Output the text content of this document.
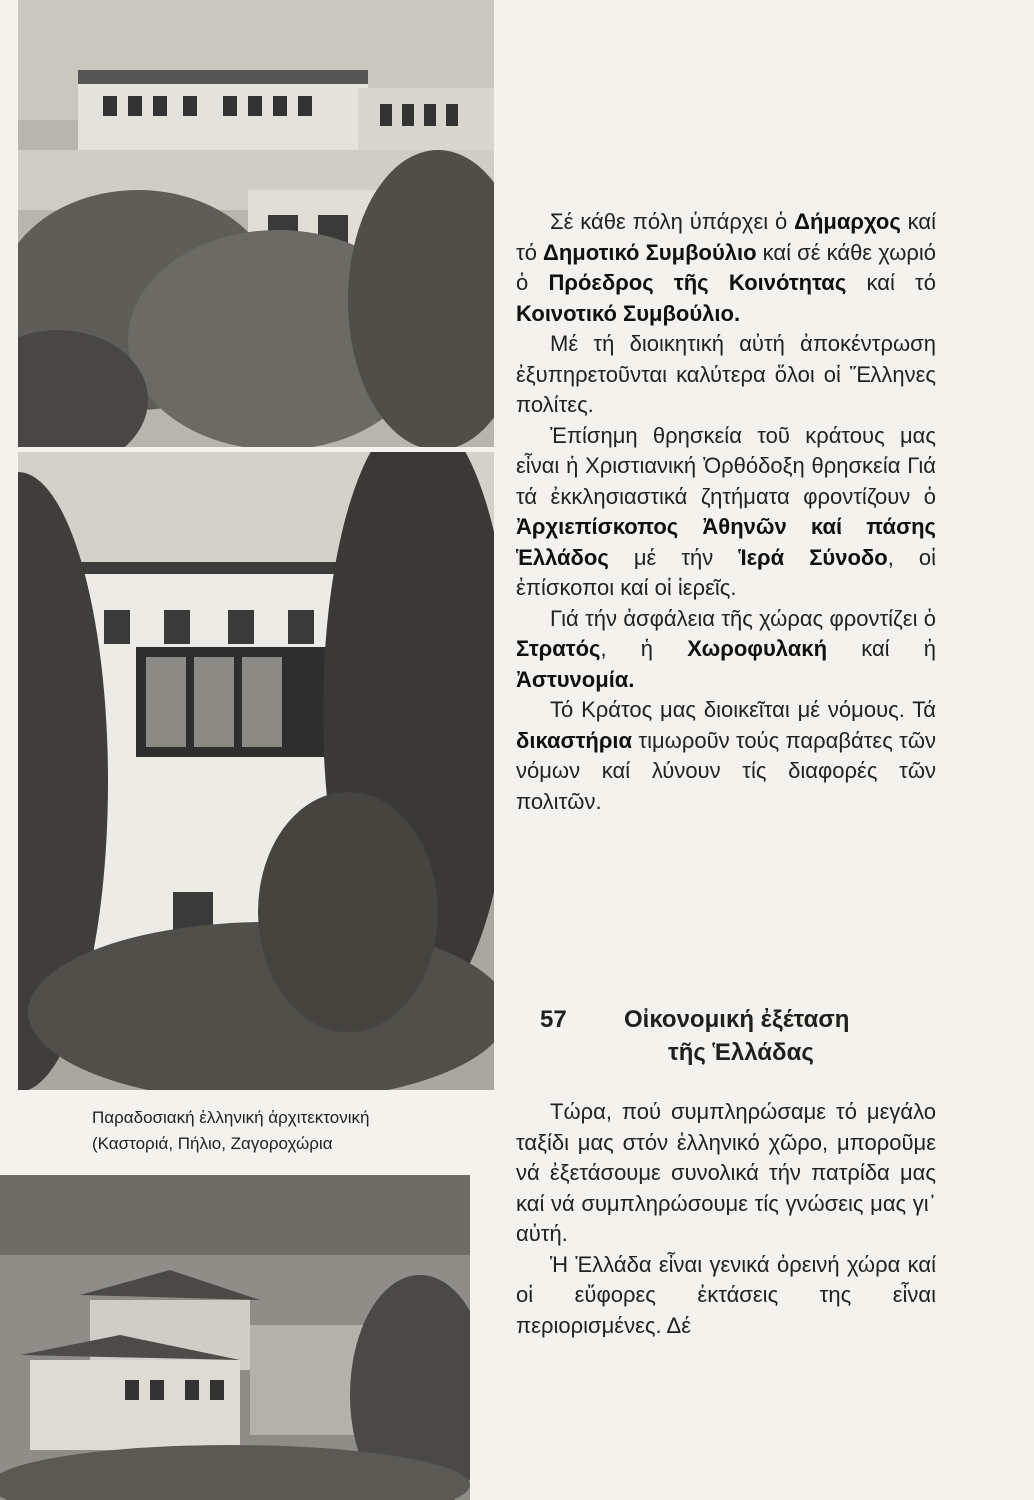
Παραδοσιακή ἑλληνική ἀρχιτεκτονική
(Καστοριά, Πήλιο, Ζαγοροχώρια

Σέ κάθε πόλη ὑπάρχει ὁ Δήμαρχος καί τό Δημοτικό Συμβούλιο καί σέ κάθε χωριό ὁ Πρόεδρος τῆς Κοινότητας καί τό Κοινοτικό Συμβούλιο.

Μέ τή διοικητική αὐτή ἀποκέντρωση ἐξυπηρετοῦνται καλύτερα ὅλοι οἱ Ἕλληνες πολίτες.

Ἐπίσημη θρησκεία τοῦ κράτους μας εἶναι ἡ Χριστιανική Ὀρθόδοξη θρησκεία Γιά τά ἐκκλησιαστικά ζητήματα φροντίζουν ὁ Ἀρχιεπίσκοπος Ἀθηνῶν καί πάσης Ἑλλάδος μέ τήν Ἱερά Σύνοδο, οἱ ἐπίσκοποι καί οἱ ἱερεῖς.

Γιά τήν ἀσφάλεια τῆς χώρας φροντίζει ὁ Στρατός, ἡ Χωροφυλακή καί ἡ Ἀστυνομία.

Τό Κράτος μας διοικεῖται μέ νόμους. Τά δικαστήρια τιμωροῦν τούς παραβάτες τῶν νόμων καί λύνουν τίς διαφορές τῶν πολιτῶν.

57 Οἰκονομική ἐξέταση
τῆς Ἑλλάδας

Τώρα, πού συμπληρώσαμε τό μεγάλο ταξίδι μας στόν ἑλληνικό χῶρο, μποροῦμε νά ἐξετάσουμε συνολικά τήν πατρίδα μας καί νά συμπληρώσουμε τίς γνώσεις μας γι᾽ αὐτή.

Ἡ Ἑλλάδα εἶναι γενικά ὀρεινή χώρα καί οἱ εὔφορες ἐκτάσεις της εἶναι περιορισμένες. Δέ
